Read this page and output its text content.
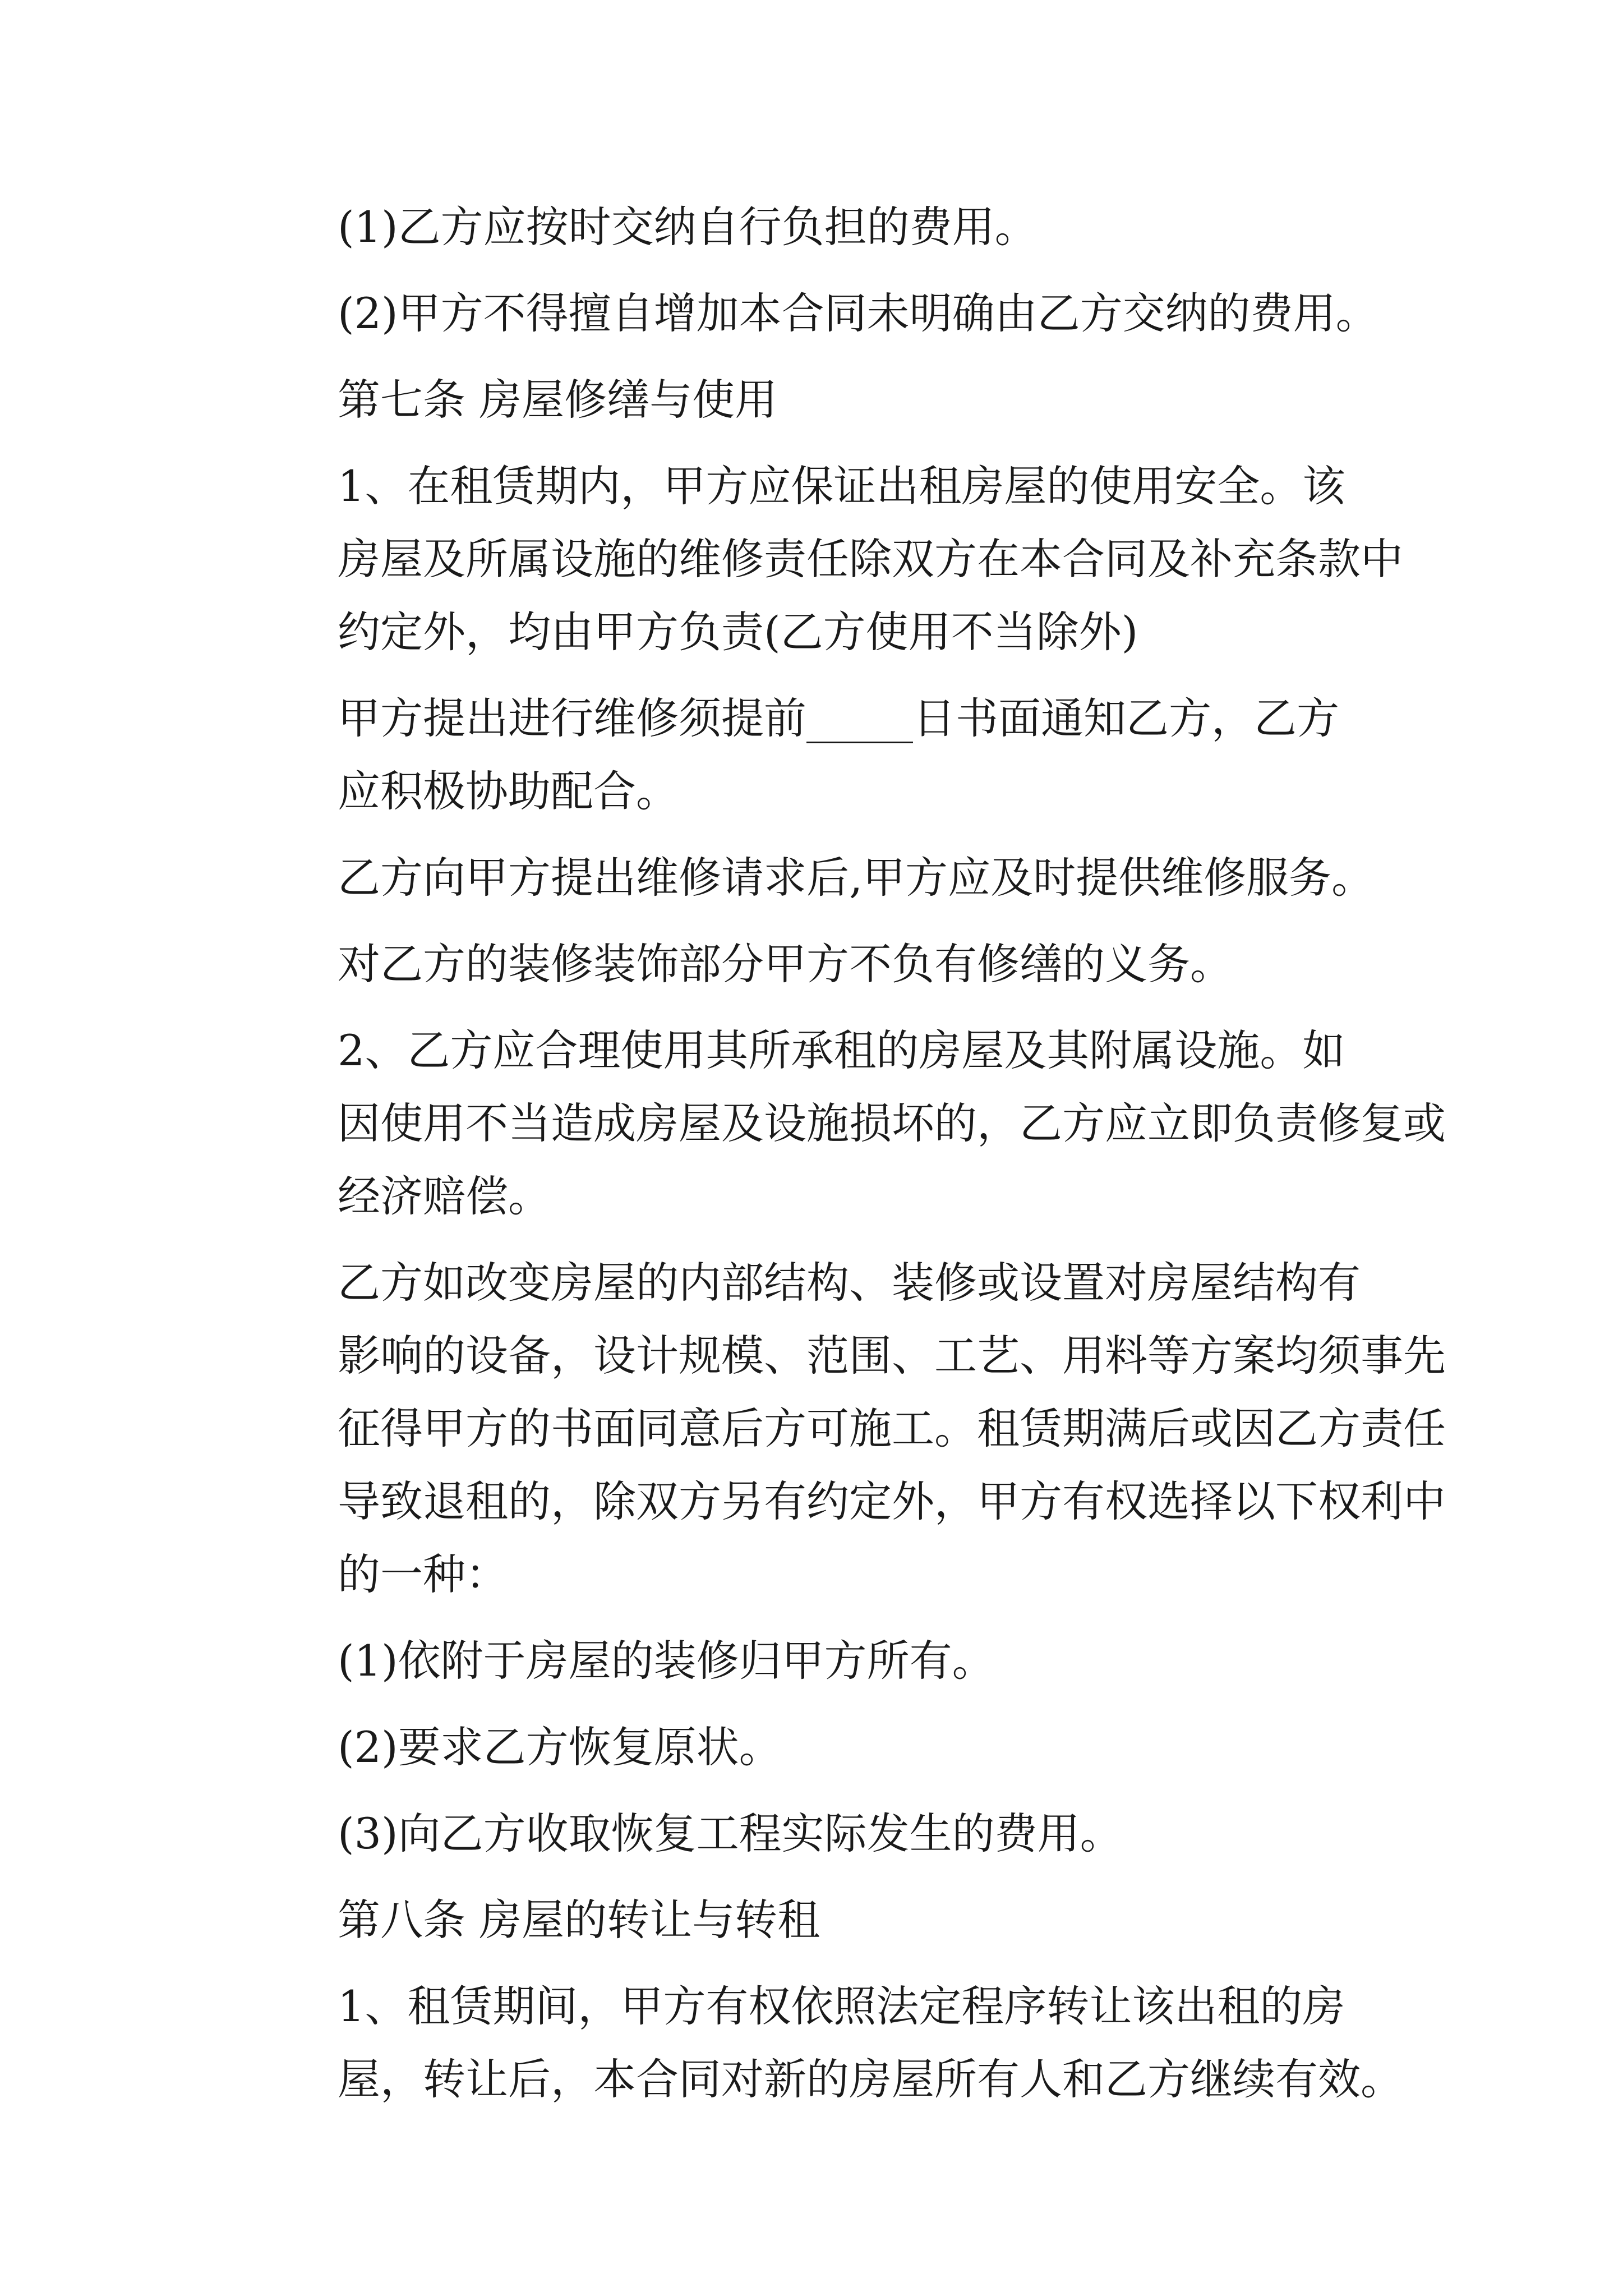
(1)乙方应按时交纳自行负担的费用。

(2)甲方不得擅自增加本合同未明确由乙方交纳的费用。

第七条 房屋修缮与使用

1、在租赁期内，甲方应保证出租房屋的使用安全。该
房屋及所属设施的维修责任除双方在本合同及补充条款中
约定外，均由甲方负责(乙方使用不当除外)

甲方提出进行维修须提前_____日书面通知乙方，乙方
应积极协助配合。

乙方向甲方提出维修请求后,甲方应及时提供维修服务。

对乙方的装修装饰部分甲方不负有修缮的义务。

2、乙方应合理使用其所承租的房屋及其附属设施。如
因使用不当造成房屋及设施损坏的，乙方应立即负责修复或
经济赔偿。

乙方如改变房屋的内部结构、装修或设置对房屋结构有
影响的设备，设计规模、范围、工艺、用料等方案均须事先
征得甲方的书面同意后方可施工。租赁期满后或因乙方责任
导致退租的，除双方另有约定外，甲方有权选择以下权利中
的一种：

(1)依附于房屋的装修归甲方所有。

(2)要求乙方恢复原状。

(3)向乙方收取恢复工程实际发生的费用。

第八条 房屋的转让与转租

1、租赁期间，甲方有权依照法定程序转让该出租的房
屋，转让后，本合同对新的房屋所有人和乙方继续有效。
